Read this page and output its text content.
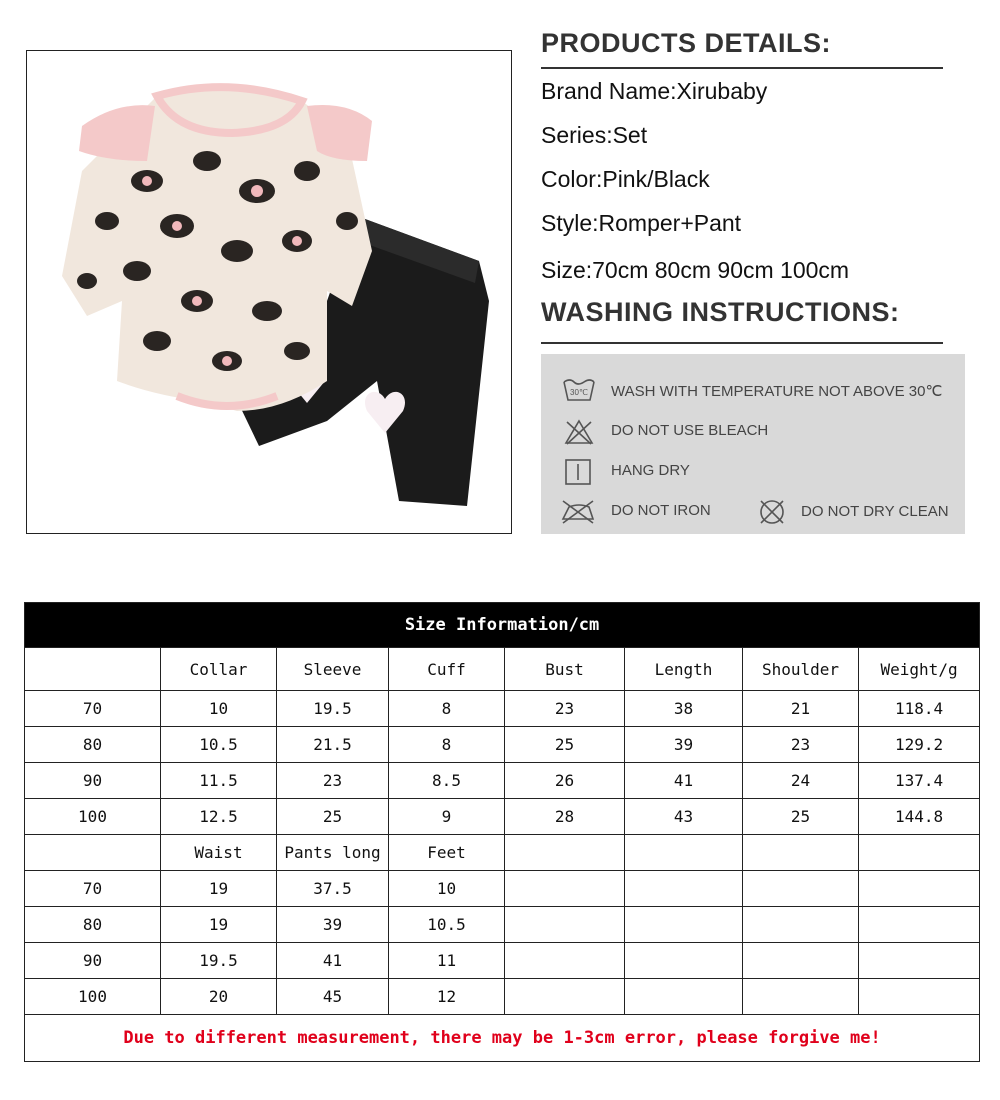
PRODUCTS DETAILS:
Brand Name:Xirubaby
Series:Set
Color:Pink/Black
Style:Romper+Pant
Size:70cm 80cm 90cm 100cm
WASHING INSTRUCTIONS:
30℃ WASH WITH TEMPERATURE NOT ABOVE 30℃
DO NOT USE BLEACH
HANG DRY
DO NOT IRON	DO NOT DRY CLEAN
Size Information/cm							
	Collar	Sleeve	Cuff	Bust	Length	Shoulder	Weight/g
70	10	19.5	8	23	38	21	118.4
80	10.5	21.5	8	25	39	23	129.2
90	11.5	23	8.5	26	41	24	137.4
100	12.5	25	9	28	43	25	144.8
	Waist	Pants long	Feet				
70	19	37.5	10				
80	19	39	10.5				
90	19.5	41	11				
100	20	45	12				
Due to different measurement, there may be 1-3cm error, please forgive me!							
